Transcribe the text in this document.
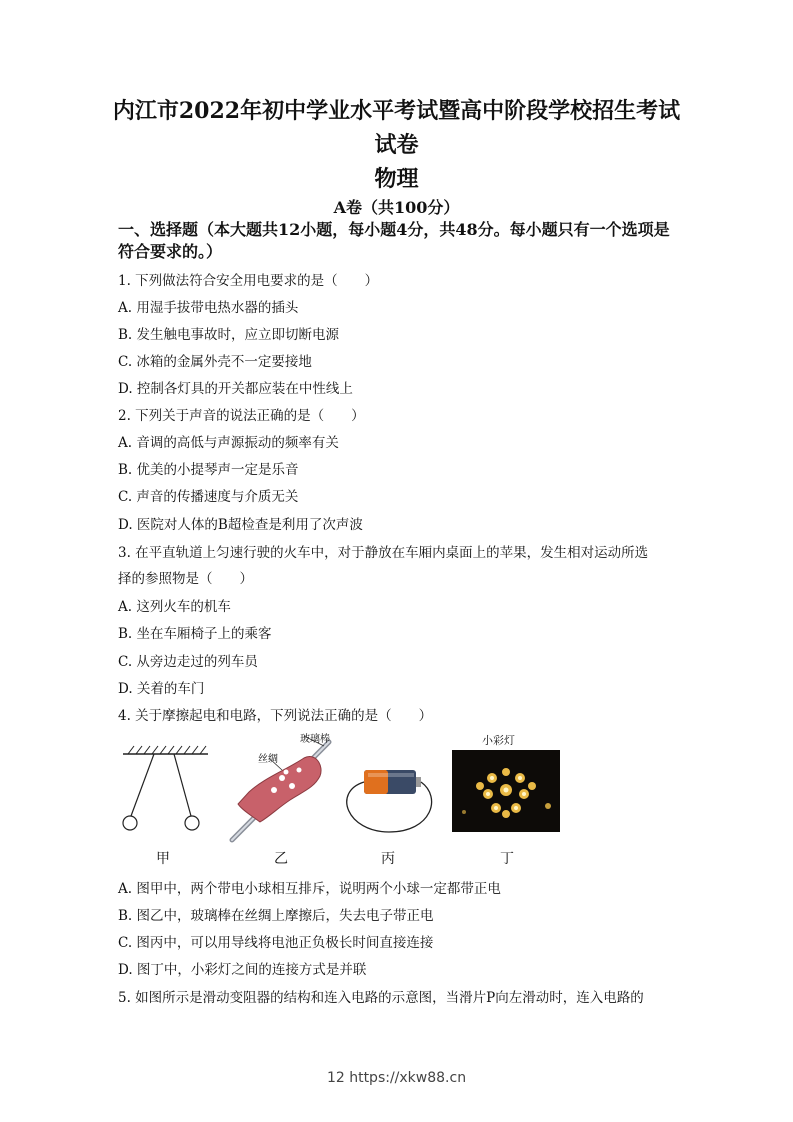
内江市2022年初中学业水平考试暨高中阶段学校招生考试
试卷
物理
A卷（共100分）
一、选择题（本大题共12小题，每小题4分，共48分。每小题只有一个选项是符合要求的。）
1. 下列做法符合安全用电要求的是（　　）
A. 用湿手拔带电热水器的插头
B. 发生触电事故时，应立即切断电源
C. 冰箱的金属外壳不一定要接地
D. 控制各灯具的开关都应装在中性线上
2. 下列关于声音的说法正确的是（　　）
A. 音调的高低与声源振动的频率有关
B. 优美的小提琴声一定是乐音
C. 声音的传播速度与介质无关
D. 医院对人体的B超检查是利用了次声波
3. 在平直轨道上匀速行驶的火车中，对于静放在车厢内桌面上的苹果，发生相对运动所选
择的参照物是（　　）
A. 这列火车的机车
B. 坐在车厢椅子上的乘客
C. 从旁边走过的列车员
D. 关着的车门
4. 关于摩擦起电和电路，下列说法正确的是（　　）
玻璃棒
丝绸
小彩灯
甲	乙	丙	丁
A. 图甲中，两个带电小球相互排斥，说明两个小球一定都带正电
B. 图乙中，玻璃棒在丝绸上摩擦后，失去电子带正电
C. 图丙中，可以用导线将电池正负极长时间直接连接
D. 图丁中，小彩灯之间的连接方式是并联
5. 如图所示是滑动变阻器的结构和连入电路的示意图，当滑片P向左滑动时，连入电路的
12 https://xkw88.cn
